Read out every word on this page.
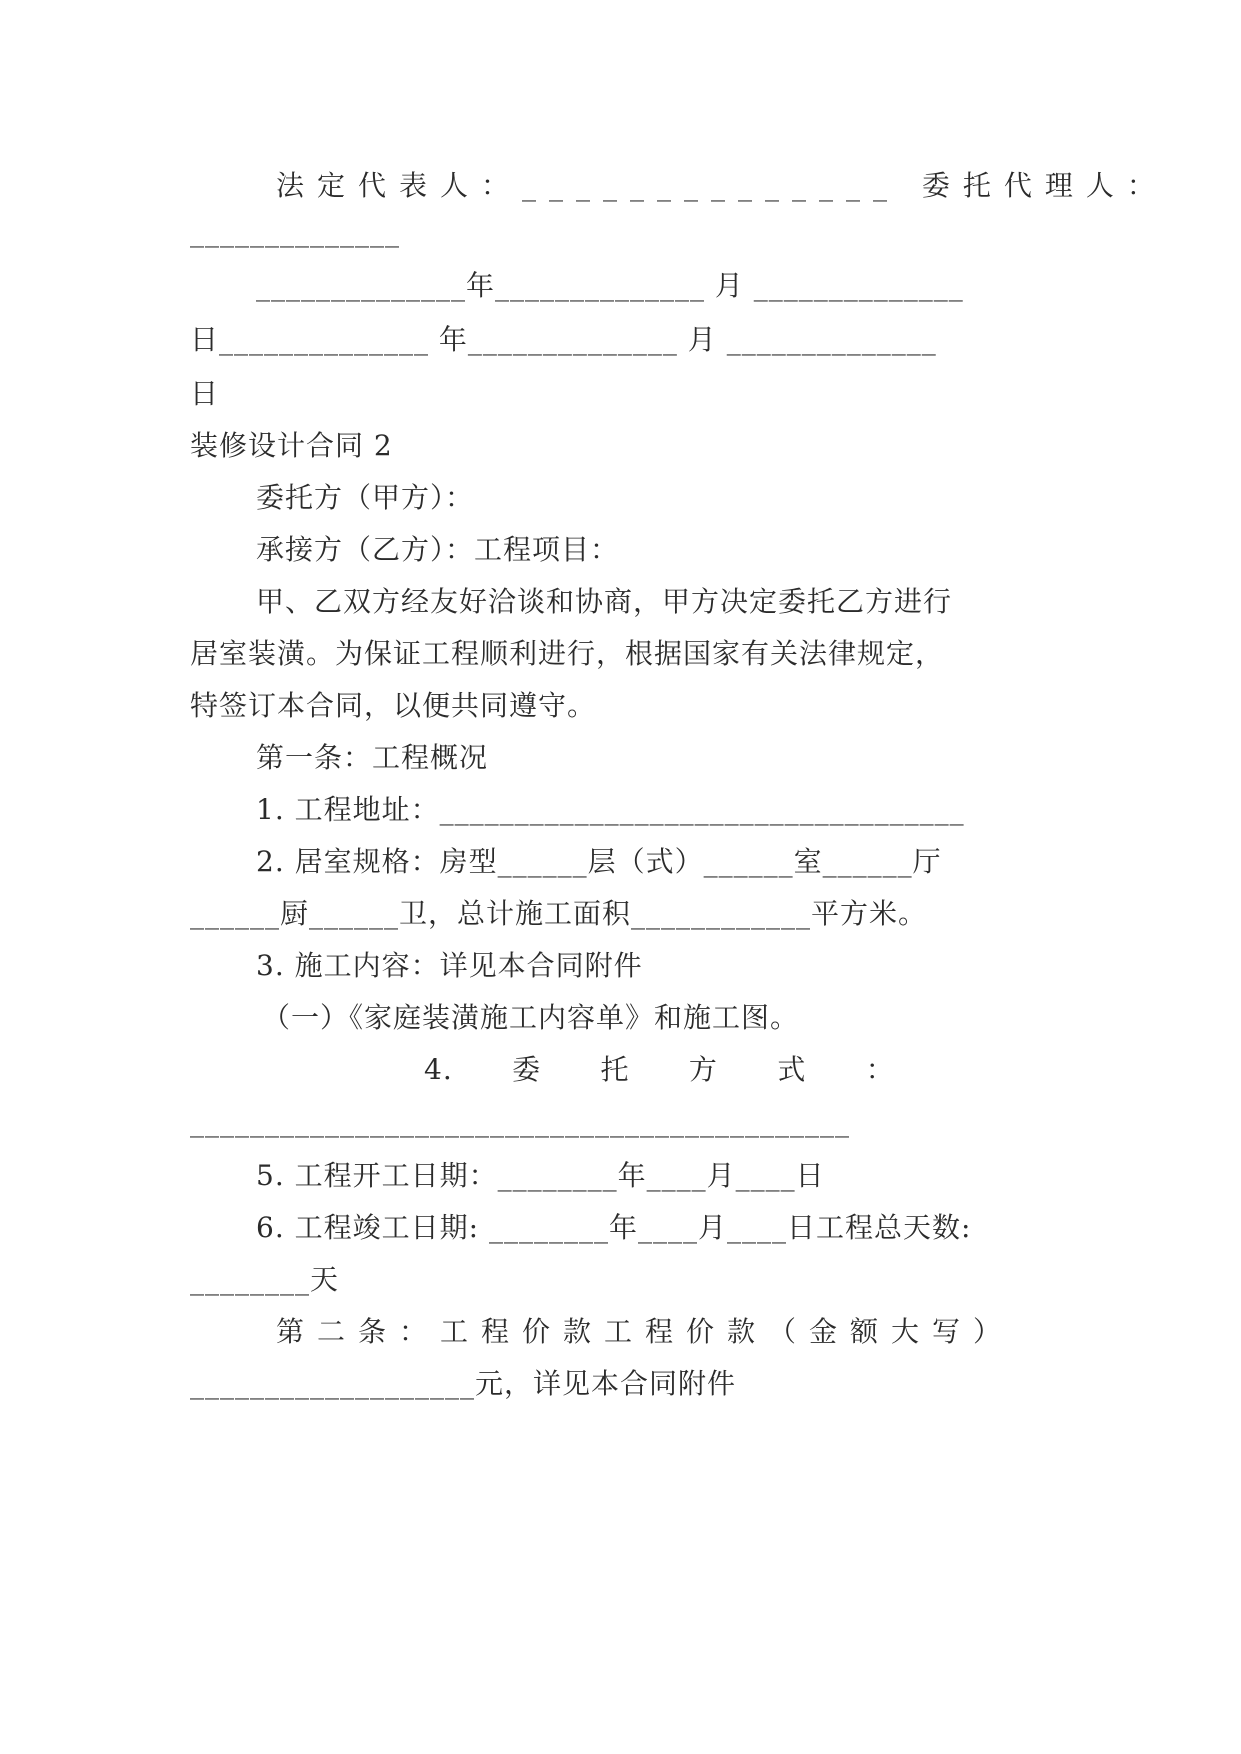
法定代表人：______________ 委托代理人：
______________
______________年______________ 月 ______________
日______________ 年______________ 月 ______________
日
装修设计合同 2
委托方（甲方）：
承接方（乙方）：工程项目：
甲、乙双方经友好洽谈和协商，甲方决定委托乙方进行
居室装潢。为保证工程顺利进行，根据国家有关法律规定，
特签订本合同，以便共同遵守。
第一条：工程概况
1. 工程地址：___________________________________
2. 居室规格：房型______层（式）______室______厅
______厨______卫，总计施工面积____________平方米。
3. 施工内容：详见本合同附件
（一）《家庭装潢施工内容单》和施工图。
4.      委      托      方      式      ：
____________________________________________
5. 工程开工日期：________年____月____日
6. 工程竣工日期: ________年____月____日工程总天数:
________天
第二条：工程价款工程价款（金额大写）
___________________元，详见本合同附件
